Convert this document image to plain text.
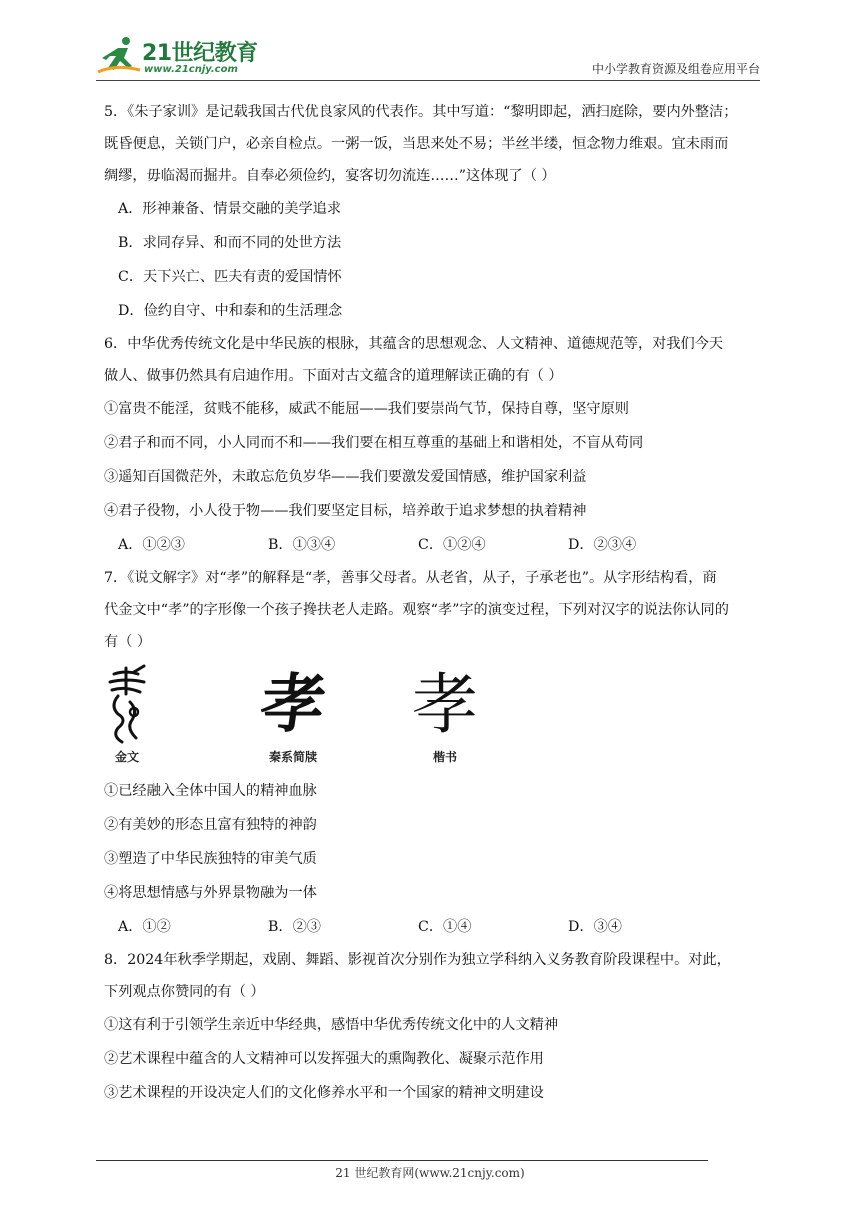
21世纪教育
www.21cnjy.com	中小学教育资源及组卷应用平台

5．《朱子家训》是记载我国古代优良家风的代表作。其中写道：“黎明即起，洒扫庭除，要内外整洁；

既昏便息，关锁门户，必亲自检点。一粥一饭，当思来处不易；半丝半缕，恒念物力维艰。宜未雨而

绸缪，毋临渴而掘井。自奉必须俭约，宴客切勿流连……”这体现了（ ）

A．形神兼备、情景交融的美学追求

B．求同存异、和而不同的处世方法

C．天下兴亡、匹夫有责的爱国情怀

D．俭约自守、中和泰和的生活理念

6．中华优秀传统文化是中华民族的根脉，其蕴含的思想观念、人文精神、道德规范等，对我们今天

做人、做事仍然具有启迪作用。下面对古文蕴含的道理解读正确的有（ ）

①富贵不能淫，贫贱不能移，威武不能屈——我们要崇尚气节，保持自尊，坚守原则

②君子和而不同，小人同而不和——我们要在相互尊重的基础上和谐相处，不盲从苟同

③遥知百国微茫外，未敢忘危负岁华——我们要激发爱国情感，维护国家利益

④君子役物，小人役于物——我们要坚定目标，培养敢于追求梦想的执着精神

A．①②③	B．①③④	C．①②④	D．②③④

7．《说文解字》对“孝”的解释是“孝，善事父母者。从老省，从子，子承老也”。从字形结构看，商

代金文中“孝”的字形像一个孩子搀扶老人走路。观察“孝”字的演变过程，下列对汉字的说法你认同的

有（ ）

金文
孝
秦系简牍
孝
楷书

①已经融入全体中国人的精神血脉

②有美妙的形态且富有独特的神韵

③塑造了中华民族独特的审美气质

④将思想情感与外界景物融为一体

A．①②	B．②③	C．①④	D．③④

8．2024年秋季学期起，戏剧、舞蹈、影视首次分别作为独立学科纳入义务教育阶段课程中。对此，

下列观点你赞同的有（ ）

①这有利于引领学生亲近中华经典，感悟中华优秀传统文化中的人文精神

②艺术课程中蕴含的人文精神可以发挥强大的熏陶教化、凝聚示范作用

③艺术课程的开设决定人们的文化修养水平和一个国家的精神文明建设

21 世纪教育网(www.21cnjy.com)
